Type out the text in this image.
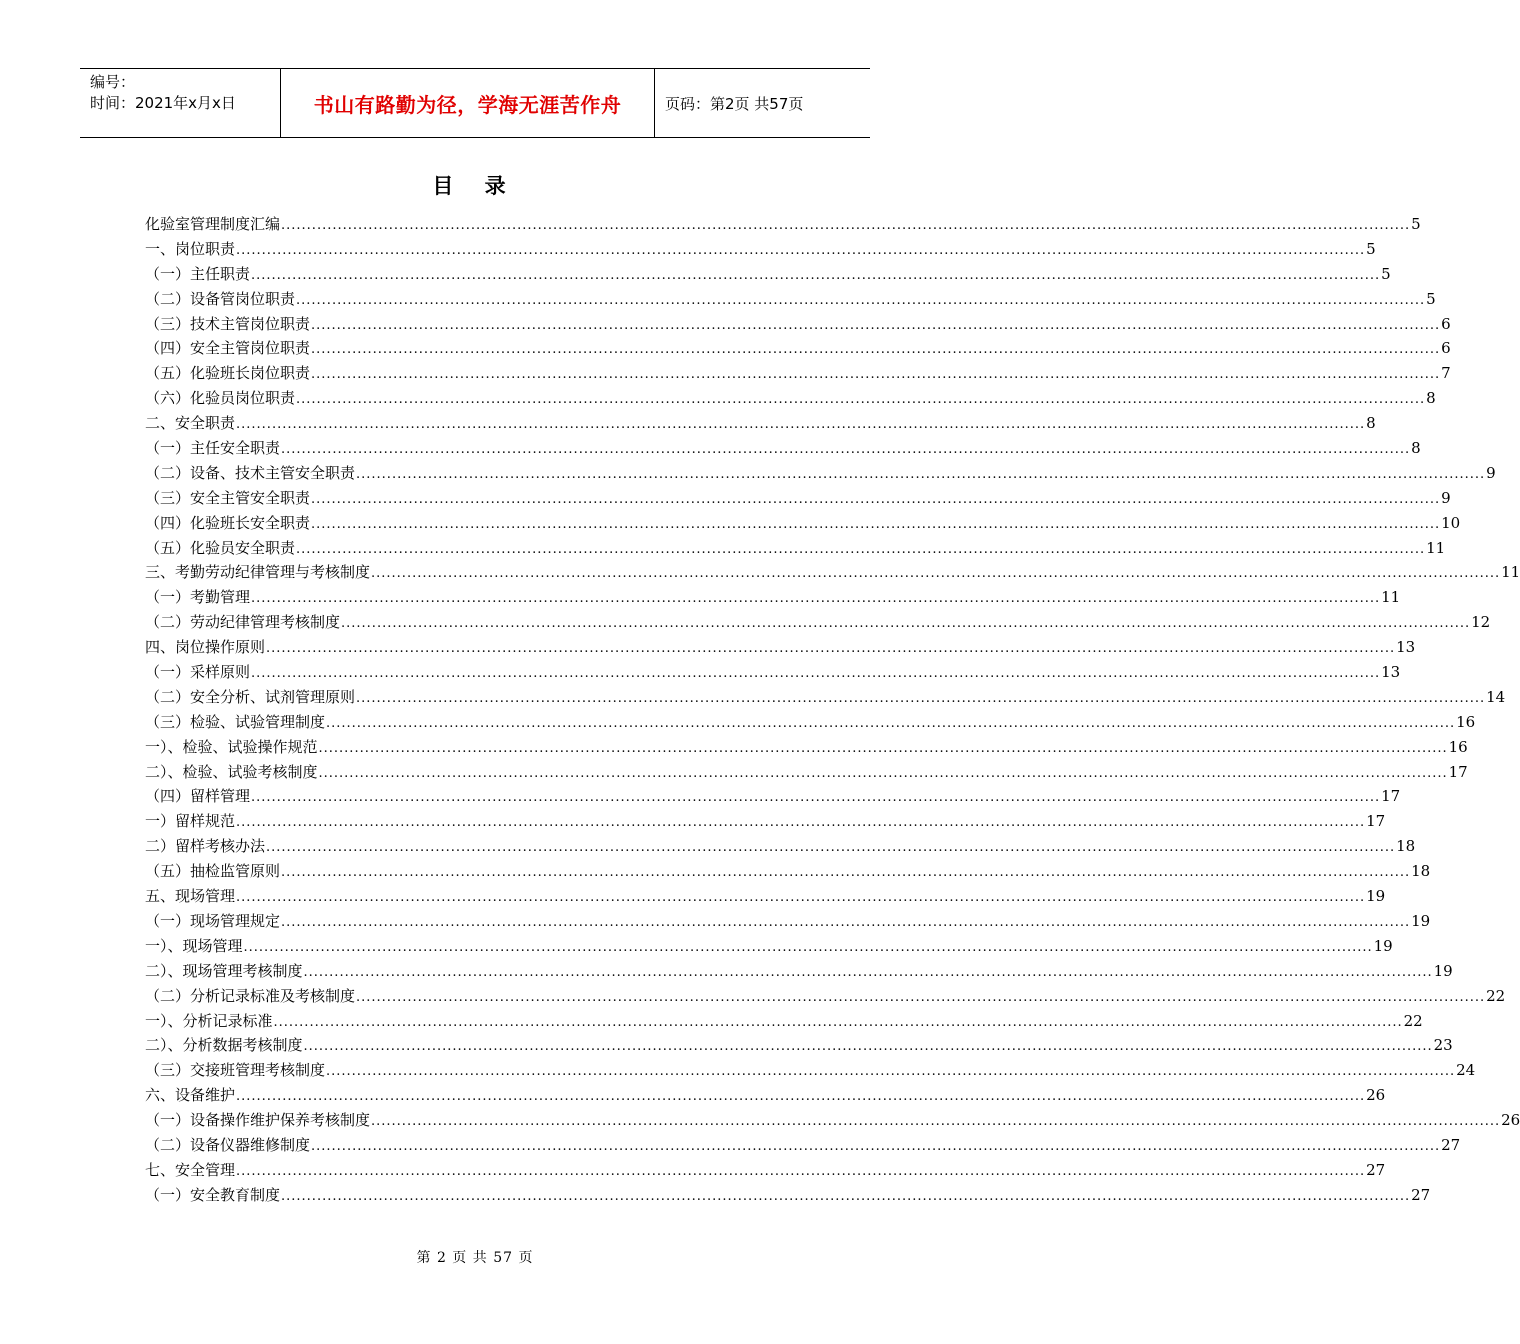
编号：
时间：2021年x月x日	书山有路勤为径，学海无涯苦作舟	页码：第2页 共57页
目 录
化验室管理制度汇编 ............................................................................................................................................................................................................................ 5
一、岗位职责 ............................................................................................................................................................................................................................ 5
（一）主任职责 ............................................................................................................................................................................................................................ 5
（二）设备管岗位职责 ............................................................................................................................................................................................................................ 5
（三）技术主管岗位职责 ............................................................................................................................................................................................................................ 6
（四）安全主管岗位职责 ............................................................................................................................................................................................................................ 6
（五）化验班长岗位职责 ............................................................................................................................................................................................................................ 7
（六）化验员岗位职责 ............................................................................................................................................................................................................................ 8
二、安全职责 ............................................................................................................................................................................................................................ 8
（一）主任安全职责 ............................................................................................................................................................................................................................ 8
（二）设备、技术主管安全职责 ............................................................................................................................................................................................................................ 9
（三）安全主管安全职责 ............................................................................................................................................................................................................................ 9
（四）化验班长安全职责 ............................................................................................................................................................................................................................ 10
（五）化验员安全职责 ............................................................................................................................................................................................................................ 11
三、考勤劳动纪律管理与考核制度 ............................................................................................................................................................................................................................ 11
（一）考勤管理 ............................................................................................................................................................................................................................ 11
（二）劳动纪律管理考核制度 ............................................................................................................................................................................................................................ 12
四、岗位操作原则 ............................................................................................................................................................................................................................ 13
（一）采样原则 ............................................................................................................................................................................................................................ 13
（二）安全分析、试剂管理原则 ............................................................................................................................................................................................................................ 14
（三）检验、试验管理制度 ............................................................................................................................................................................................................................ 16
一）、检验、试验操作规范 ............................................................................................................................................................................................................................ 16
二）、检验、试验考核制度 ............................................................................................................................................................................................................................ 17
（四）留样管理 ............................................................................................................................................................................................................................ 17
一）留样规范 ............................................................................................................................................................................................................................ 17
二）留样考核办法 ............................................................................................................................................................................................................................ 18
（五）抽检监管原则 ............................................................................................................................................................................................................................ 18
五、现场管理 ............................................................................................................................................................................................................................ 19
（一）现场管理规定 ............................................................................................................................................................................................................................ 19
一）、现场管理 ............................................................................................................................................................................................................................ 19
二）、现场管理考核制度 ............................................................................................................................................................................................................................ 19
（二）分析记录标准及考核制度 ............................................................................................................................................................................................................................ 22
一）、分析记录标准 ............................................................................................................................................................................................................................ 22
二）、分析数据考核制度 ............................................................................................................................................................................................................................ 23
（三）交接班管理考核制度 ............................................................................................................................................................................................................................ 24
六、设备维护 ............................................................................................................................................................................................................................ 26
（一）设备操作维护保养考核制度 ............................................................................................................................................................................................................................ 26
（二）设备仪器维修制度 ............................................................................................................................................................................................................................ 27
七、安全管理 ............................................................................................................................................................................................................................ 27
（一）安全教育制度 ............................................................................................................................................................................................................................ 27
第 2 页 共 57 页
